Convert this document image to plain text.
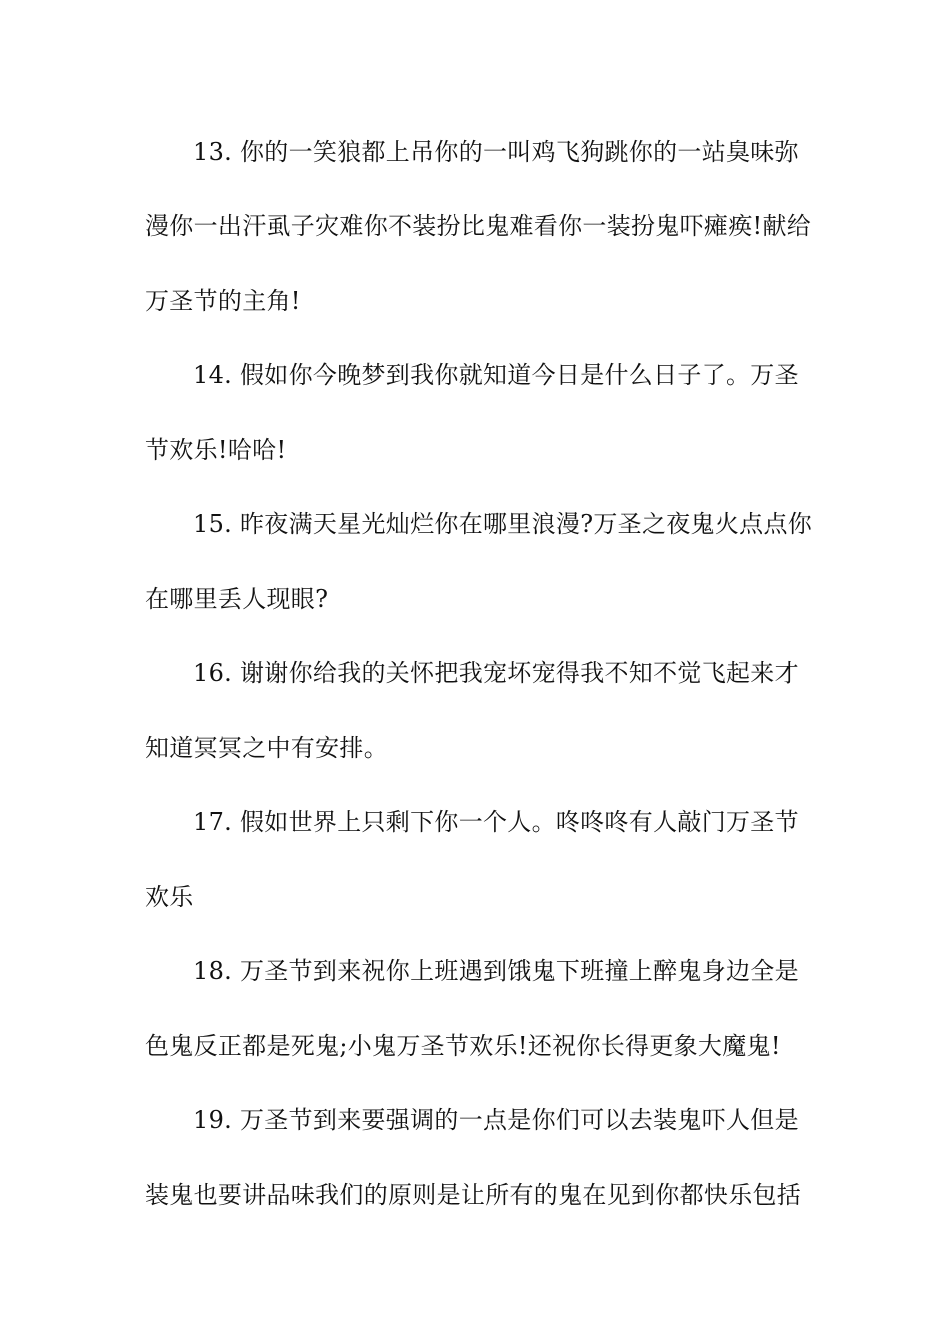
13. 你的一笑狼都上吊你的一叫鸡飞狗跳你的一站臭味弥
漫你一出汗虱子灾难你不装扮比鬼难看你一装扮鬼吓瘫痪!献给
万圣节的主角!
14. 假如你今晚梦到我你就知道今日是什么日子了。万圣
节欢乐!哈哈!
15. 昨夜满天星光灿烂你在哪里浪漫?万圣之夜鬼火点点你
在哪里丢人现眼?
16. 谢谢你给我的关怀把我宠坏宠得我不知不觉飞起来才
知道冥冥之中有安排。
17. 假如世界上只剩下你一个人。咚咚咚有人敲门万圣节
欢乐
18. 万圣节到来祝你上班遇到饿鬼下班撞上醉鬼身边全是
色鬼反正都是死鬼;小鬼万圣节欢乐!还祝你长得更象大魔鬼!
19. 万圣节到来要强调的一点是你们可以去装鬼吓人但是
装鬼也要讲品味我们的原则是让所有的鬼在见到你都快乐包括
